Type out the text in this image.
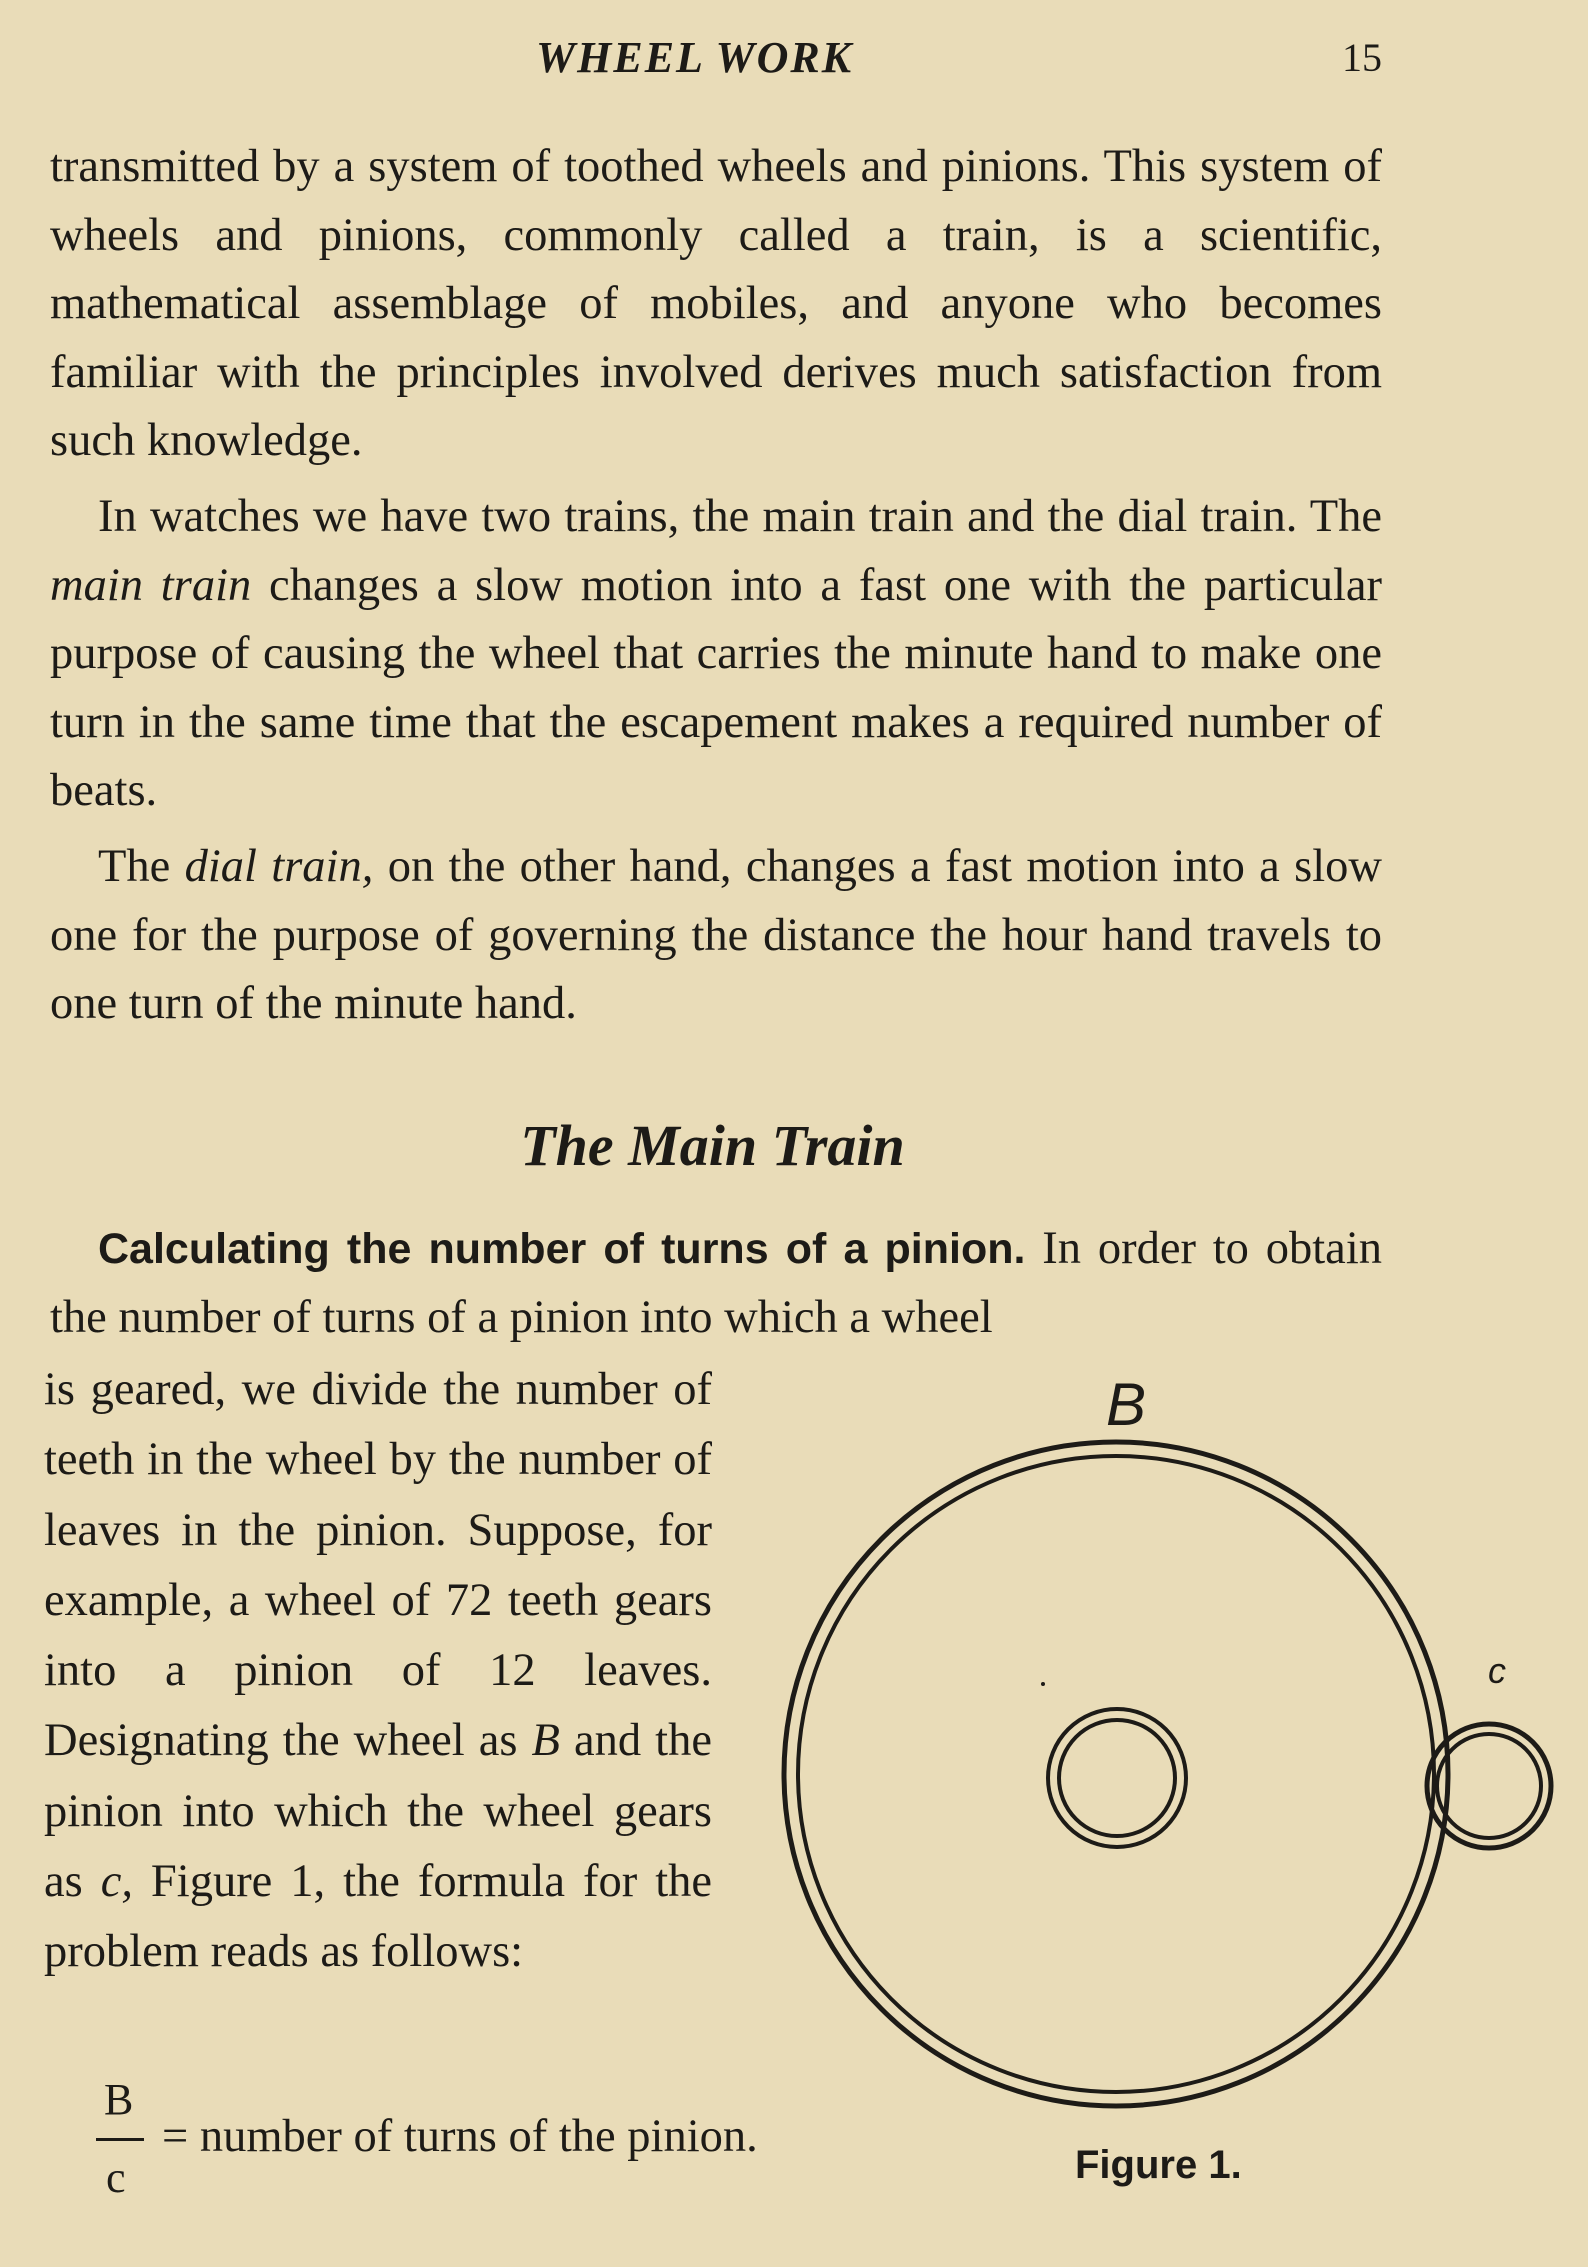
WHEEL WORK	15

transmitted by a system of toothed wheels and pinions. This system of wheels and pinions, commonly called a train, is a scientific, mathematical assemblage of mobiles, and anyone who becomes familiar with the principles involved derives much satisfaction from such knowledge.

In watches we have two trains, the main train and the dial train. The main train changes a slow motion into a fast one with the particular purpose of causing the wheel that carries the minute hand to make one turn in the same time that the escapement makes a required number of beats.

The dial train, on the other hand, changes a fast motion into a slow one for the purpose of governing the distance the hour hand travels to one turn of the minute hand.

The Main Train

Calculating the number of turns of a pinion. In order to obtain the number of turns of a pinion into which a wheel

is geared, we divide the number of teeth in the wheel by the number of leaves in the pinion. Suppose, for example, a wheel of 72 teeth gears into a pinion of 12 leaves. Designating the wheel as B and the pinion into which the wheel gears as c, Figure 1, the formula for the problem reads as follows:

B
c
= number of turns of the pinion.
B
c
Figure 1.
